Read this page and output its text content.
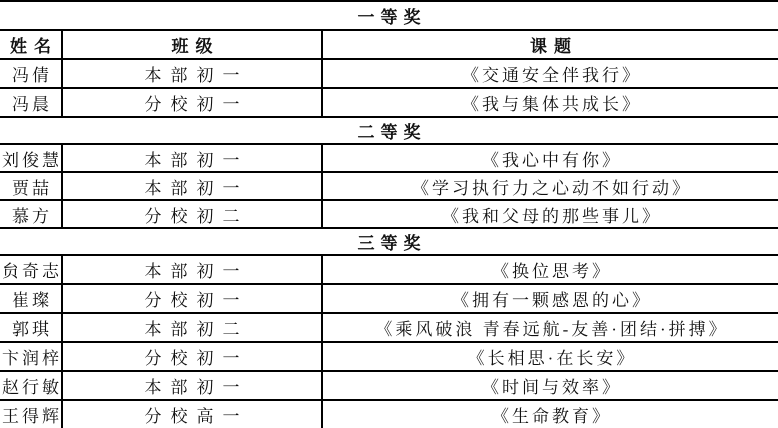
一等奖
姓名	班级	课题
冯倩	本部初一	《交通安全伴我行》
冯晨	分校初一	《我与集体共成长》
二等奖
刘俊慧	本部初一	《我心中有你》
贾喆	本部初一	《学习执行力之心动不如行动》
慕方	分校初二	《我和父母的那些事儿》
三等奖
贠奇志	本部初一	《换位思考》
崔璨	分校初一	《拥有一颗感恩的心》
郭琪	本部初二	《乘风破浪 青春远航-友善·团结·拼搏》
卞润梓	分校初一	《长相思·在长安》
赵行敏	本部初一	《时间与效率》
王得辉	分校高一	《生命教育》
